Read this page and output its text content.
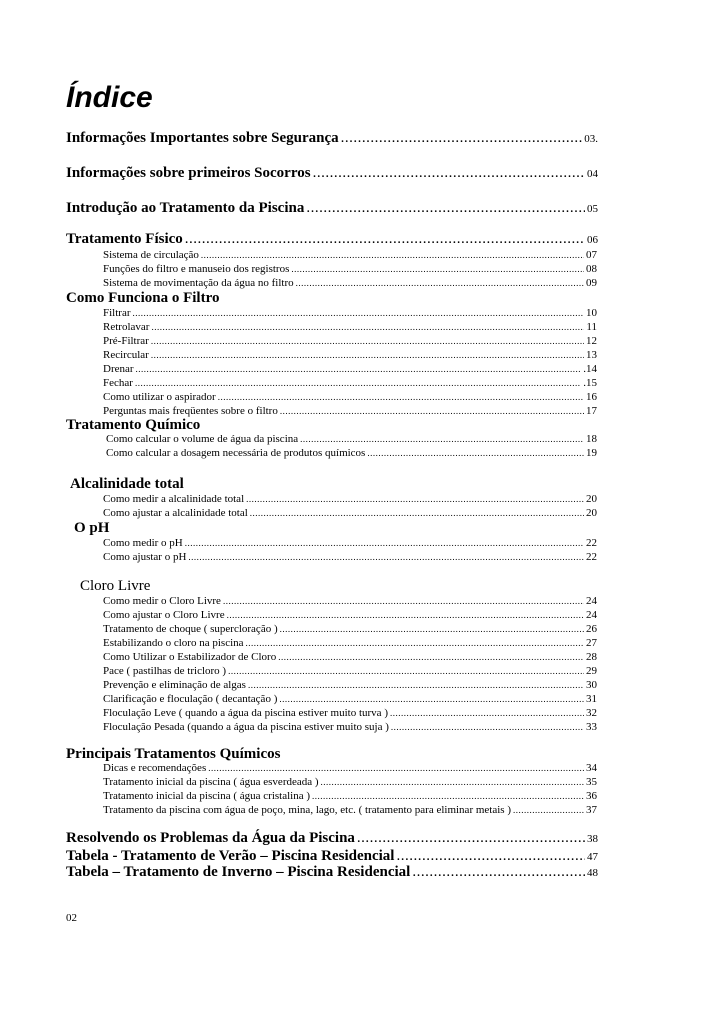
Índice
Informações Importantes sobre Segurança .....	03.
Informações sobre primeiros Socorros .....	04
Introdução ao Tratamento da Piscina .....	05
Tratamento Físico .....	06
Sistema de circulação .....	07
Funções do filtro e manuseio dos registros .....	08
Sistema de movimentação da água no filtro .....	09
Como Funciona o Filtro
Filtrar .....	10
Retrolavar .....	11
Pré-Filtrar .....	12
Recircular .....	13
Drenar .....	.14
Fechar .....	.15
Como utilizar o aspirador .....	16
Perguntas mais freqüentes sobre o filtro .....	17
Tratamento Químico
Como calcular o volume de água da piscina .....	18
Como calcular a dosagem necessária de produtos químicos .....	19
Alcalinidade total
Como medir a alcalinidade total .....	20
Como ajustar a alcalinidade total .....	20
O pH
Como medir o pH .....	22
Como ajustar o pH .....	22
Cloro Livre
Como medir o Cloro Livre .....	24
Como ajustar o Cloro Livre .....	24
Tratamento de choque ( supercloração ) .....	26
Estabilizando o cloro na piscina .....	27
Como Utilizar o Estabilizador de Cloro .....	28
Pace ( pastilhas de tricloro ) .....	29
Prevenção e eliminação de algas .....	30
Clarificação e floculação ( decantação ) .....	31
Floculação Leve ( quando a água da piscina estiver muito turva ) .....	32
Floculação Pesada (quando a água da piscina estiver muito suja ) .....	33
Principais Tratamentos Químicos
Dicas e recomendações .....	34
Tratamento inicial da piscina ( água esverdeada ) .....	35
Tratamento inicial da piscina ( água cristalina ) .....	36
Tratamento da piscina com água de poço, mina, lago, etc. ( tratamento para eliminar metais ) .....	37
Resolvendo os Problemas da Água da Piscina .....	38
Tabela - Tratamento de Verão – Piscina Residencial .....	47
Tabela – Tratamento de Inverno – Piscina Residencial .....	48
02
